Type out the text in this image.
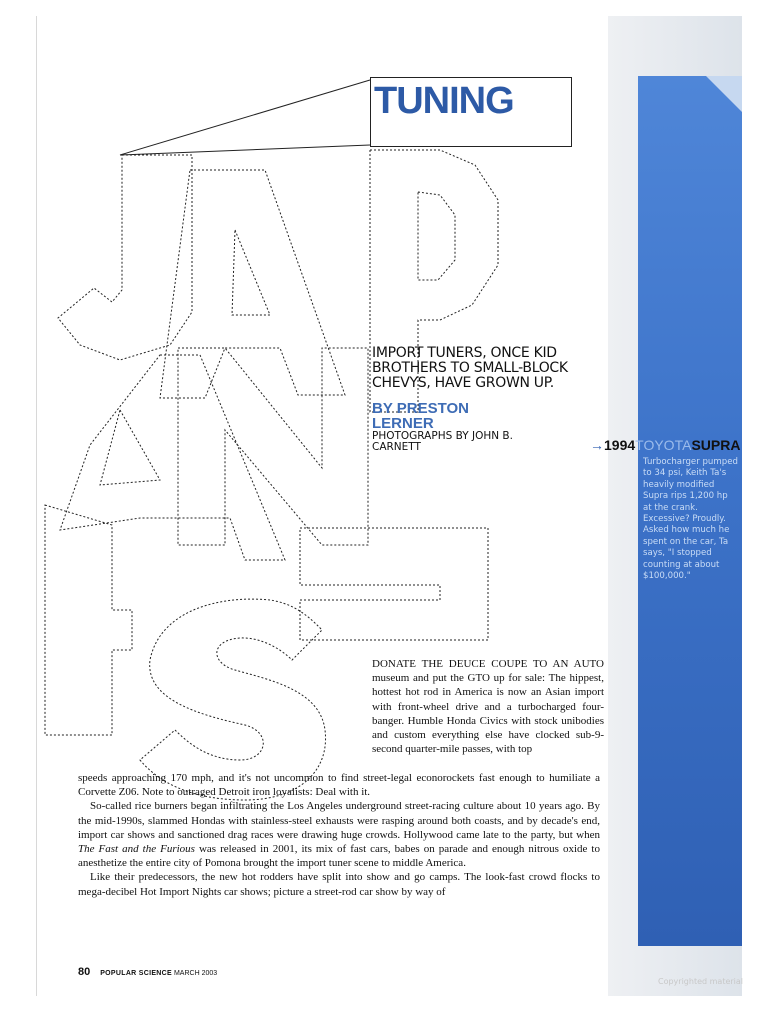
TUNING
IMPORT TUNERS, ONCE KID BROTHERS TO SMALL-BLOCK CHEVYS, HAVE GROWN UP.
BY PRESTON LERNER
PHOTOGRAPHS BY JOHN B. CARNETT	→1994TOYOTASUPRA
Turbocharger pumped to 34 psi, Keith Ta's heavily modified Supra rips 1,200 hp at the crank. Excessive? Proudly. Asked how much he spent on the car, Ta says, "I stopped counting at about $100,000."

DONATE THE DEUCE COUPE TO AN AUTO museum and put the GTO up for sale: The hippest, hottest hot rod in America is now an Asian import with front-wheel drive and a turbocharged four-banger. Humble Honda Civics with stock unibodies and custom everything else have clocked sub-9-second quarter-mile passes, with top

speeds approaching 170 mph, and it's not uncommon to find street-legal econorockets fast enough to humiliate a Corvette Z06. Note to outraged Detroit iron loyalists: Deal with it.

So-called rice burners began infiltrating the Los Angeles underground street-racing culture about 10 years ago. By the mid-1990s, slammed Hondas with stainless-steel exhausts were rasping around both coasts, and by decade's end, import car shows and sanctioned drag races were drawing huge crowds. Hollywood came late to the party, but when The Fast and the Furious was released in 2001, its mix of fast cars, babes on parade and enough nitrous oxide to anesthetize the entire city of Pomona brought the import tuner scene to middle America.

Like their predecessors, the new hot rodders have split into show and go camps. The look-fast crowd flocks to mega-decibel Hot Import Nights car shows; picture a street-rod car show by way of

80 POPULAR SCIENCE MARCH 2003
Copyrighted material
